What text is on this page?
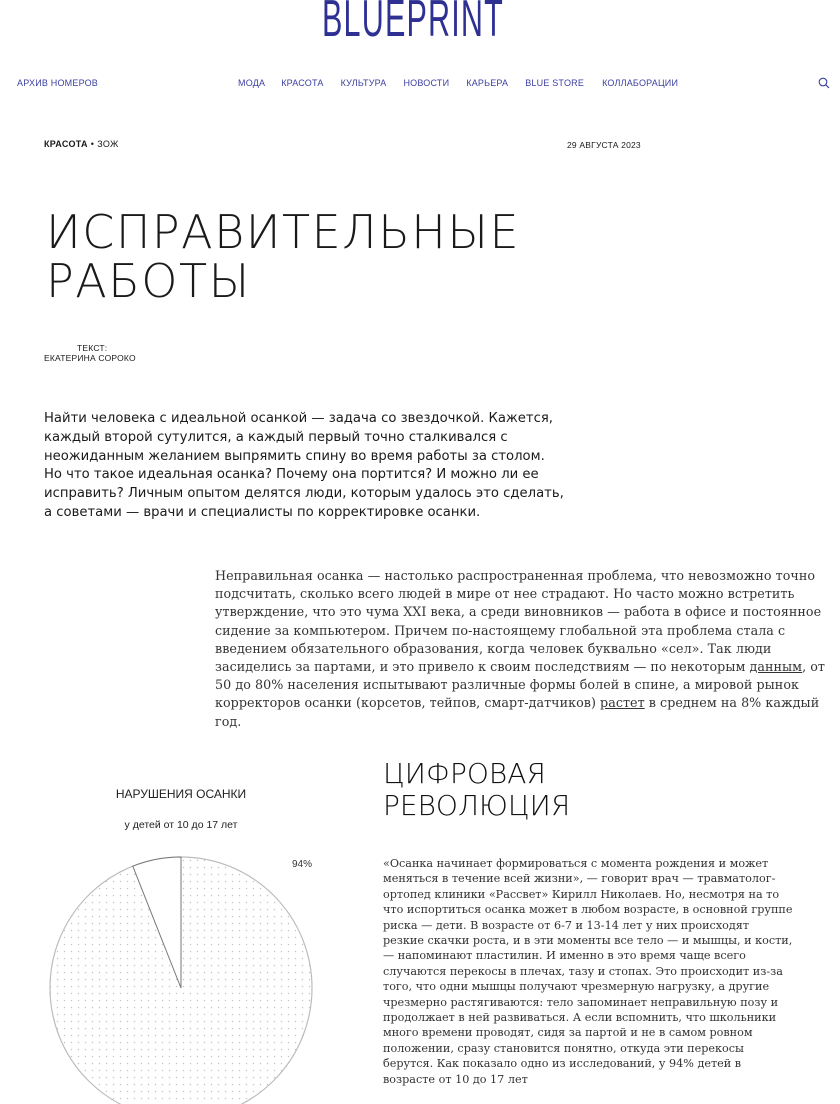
BLUEPRINT
АРХИВ НОМЕРОВ	МОДА КРАСОТА КУЛЬТУРА НОВОСТИ КАРЬЕРА BLUE STORE КОЛЛАБОРАЦИИ
КРАСОТА • ЗОЖ	29 АВГУСТА 2023
ИСПРАВИТЕЛЬНЫЕ
РАБОТЫ
ТЕКСТ:
ЕКАТЕРИНА СОРОКО

Найти человека с идеальной осанкой — задача со звездочкой. Кажется, каждый второй сутулится, а каждый первый точно сталкивался с неожиданным желанием выпрямить спину во время работы за столом. Но что такое идеальная осанка? Почему она портится? И можно ли ее исправить? Личным опытом делятся люди, которым удалось это сделать, а советами — врачи и специалисты по корректировке осанки.

Неправильная осанка — настолько распространенная проблема, что невозможно точно подсчитать, сколько всего людей в мире от нее страдают. Но часто можно встретить утверждение, что это чума XXI века, а среди виновников — работа в офисе и постоянное сидение за компьютером. Причем по-настоящему глобальной эта проблема стала с введением обязательного образования, когда человек буквально «сел». Так люди засиделись за партами, и это привело к своим последствиям — по некоторым данным, от 50 до 80% населения испытывают различные формы болей в спине, а мировой рынок корректоров осанки (корсетов, тейпов, смарт-датчиков) растет в среднем на 8% каждый год.

НАРУШЕНИЯ ОСАНКИ
у детей от 10 до 17 лет
94%
ЦИФРОВАЯ
РЕВОЛЮЦИЯ

«Осанка начинает формироваться с момента рождения и может меняться в течение всей жизни», — говорит врач — травматолог-ортопед клиники «Рассвет» Кирилл Николаев. Но, несмотря на то что испортиться осанка может в любом возрасте, в основной группе риска — дети. В возрасте от 6-7 и 13-14 лет у них происходят резкие скачки роста, и в эти моменты все тело — и мышцы, и кости, — напоминают пластилин. И именно в это время чаще всего случаются перекосы в плечах, тазу и стопах. Это происходит из-за того, что одни мышцы получают чрезмерную нагрузку, а другие чрезмерно растягиваются: тело запоминает неправильную позу и продолжает в ней развиваться. А если вспомнить, что школьники много времени проводят, сидя за партой и не в самом ровном положении, сразу становится понятно, откуда эти перекосы берутся. Как показало одно из исследований, у 94% детей в возрасте от 10 до 17 лет
